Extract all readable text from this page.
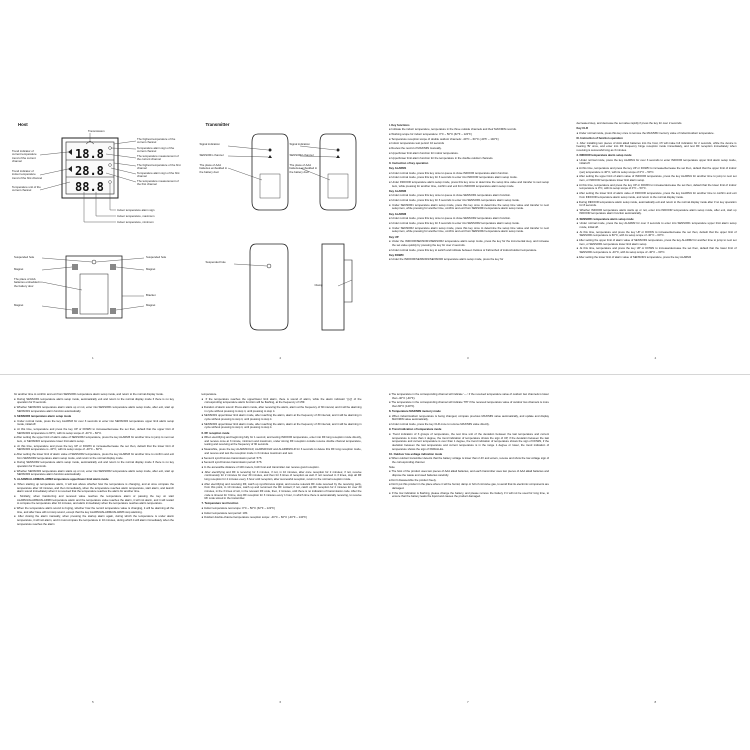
Host
18.8
28.8
88.8
Transmission
Trend indicator of current temperature trend of the current channel
Trend indicator of indoor temperature trend of the first channel
Temperature unit of the current channel
The highest temperature of the current channel
Temperature alarm sign of the current channel
The temperature measurement of the current channel
The highest temperature of the first channel
Temperature alarm sign of the first channel
The temperature measurement of the first channel
Indoor temperature alarm sign
Indoor temperature, maximum
Indoor temperature, minimum
Suspended hole
Magnet
The place of AAA batteries embedded in the battery door
Magnet
Suspended hole
Magnet
Bracket
Magnet
1
Transmitter
Signal indication
SENSOR1 channel
The place of AAA batteries embedded in the battery door
Signal indication
SENSOR2 channel
The place of AAA batteries embedded in the battery door
Suspended hole
Clamp
2

I. Key functions

● Indicate the indoor temperature, temperature in the three outside channels and their MAX/MIN records.

● Working scope for indoor temperature: 0°C ~ 50°C (32°F ~ 122°F)

● Temperature reception scope of double outdoor channels: -40°C ~ 60°C (-40°F ~ 140°F)

● Indoor temperature test period: 10 seconds

● Review the record of MAX/MIN manually.

● Upper/lower limit alarm function for indoor temperature.

● Upper/lower limit alarm function for the temperature in the double outdoor channels.

II. Instruction of key operation

Key ALARM1

● Under normal mode, press this key once to queue to close INDOOR temperature alarm function.

● Under normal mode, press this key for 3 seconds to enter into INDOOR temperature alarm setup mode.

● Under INDOOR temperature alarm setup mode, press this key once to determine the setup time value and transfer to next setup item, while pressing for another time, confirm and exit from INDOOR temperature alarm setup mode.

Key ALARM2

● Under normal mode, press this key once to queue to close SENSOR1 temperature alarm function.

● Under normal mode, press this key for 3 seconds to enter into SENSOR1 temperature alarm setup mode.

● Under SENSOR1 temperature alarm setup mode, press this key once to determine the setup time value and transfer to next setup item, while pressing for another time, confirm and exit from SENSOR1 temperature alarm setup mode.

Key ALARM3

● Under normal mode, press this key once to queue to close SENSOR2 temperature alarm function.

● Under normal mode, press this key for 3 seconds to enter into SENSOR2 temperature alarm setup mode.

● Under SENSOR2 temperature alarm setup mode, press this key once to determine the setup time value and transfer to next setup item, while pressing for another time, confirm and exit from SENSOR2 temperature alarm setup mode.

Key UP

● Under the INDOOR/SENSOR1/SENSOR2 temperature alarm setup mode, press the key for the incremental step, and increase the set value quickly by pressing the key for over 2 seconds.

● Under normal mode, press this key to switch and indicate between Celsius or Fahrenheit of indoor/outdoor temperature.

Key DOWN

● Under the INDOOR/SENSOR1/SENSOR2 temperature alarm setup mode, press the key for

3

decreased step, and decrease the set value rapidly if press the key for over 2 seconds.

Key CLR

● Under normal mode, press this key once to remove the MAX/MIN memory value of indoor/outdoor temperature.

III. Instruction of function operation

1. After installing two pieces of AAA alkali batteries into the host, it'll will make full indication for 2 seconds, while the device is hearing 'Bi' once, and enter into RF frequency hinge reception mode immediately, and test RF reception immediately when receiving is successful long as 3 minutes.

2. INDOOR temperature alarm setup mode

● Under normal mode, press the key ALARM1 for over 3 seconds to enter INDOOR temperature upper limit alarm setup mode, initial:off.

● At this time, temperature and press the key UP or DOWN to increase/decrease the set then, default that the upper limit of indoor (set) temperature is 40°C, with its setup scope of 0°C ~ 50°C.

● After setting the upper limit of alarm value of INDOOR temperature, press the key ALARM1 for another time to jump to next set item, or INDOOR temperature lower limit alarm setup.

● At this time, temperature and press the key UP or DOWN to increase/decrease the set then, default that the lower limit of indoor temperature is 0°C, with its setup scope of 0°C ~ 50°C.

● After setting the lower limit of alarm value of INDOOR temperature, press the key ALARM1 for another time to confirm and exit from INDOOR temperature alarm setup mode, and return to the normal display mode.

● During INDOOR temperature alarm setup mode, automatically exit and return to the normal display mode after if no key operation for 8 seconds.

● Whether INDOOR temperature alarm starts up or not, enter into INDOOR temperature alarm setup mode, after exit, start up INDOOR temperature alarm function automatically.

3. SENSOR1 temperature alarm setup mode

● Under normal mode, press the key ALARM2 for over 3 seconds to enter into SENSOR1 temperature upper limit alarm setup mode, initial:off.

● At this time, temperature and press the key UP or DOWN to increase/decrease the set then, default that the upper limit of SENSOR1 temperature is 60°C, with its setup scope of -40°C ~ 60°C.

● After setting the upper limit of alarm value of SENSOR1 temperature, press the key ALARM2 for another time to jump to next set item, or SENSOR1 temperature lower limit alarm setup.

● At this time, temperature and press the key UP or DOWN to increase/decrease the set then, default that the lower limit of SENSOR1 temperature is -40°C, with its setup scope of -40°C ~ 60°C.

● After setting the lower limit of alarm value of SENSOR1 temperature, press the key ALARM2

4

for another time to confirm and exit from SENSOR1 temperature alarm setup mode, and return to the normal display mode.

● During SENSOR1 temperature alarm setup mode, automatically exit and return to the normal display mode if there is no key operation for 8 seconds.

● Whether SENSOR1 temperature alarm starts up or not, enter into SENSOR1 temperature alarm setup mode, after exit, start up SENSOR1 temperature alarm function automatically.

4. SENSOR2 temperature alarm setup mode

● Under normal mode, press the key ALARM3 for over 3 seconds to enter into SENSOR2 temperature upper limit alarm setup mode, initial:off.

● At this time, temperature and press the key UP or DOWN to increase/decrease the set then, default that the upper limit of SENSOR2 temperature is 60°C, with its setup scope of -40°C ~ 60°C.

● After setting the upper limit of alarm value of SENSOR2 temperature, press the key ALARM3 for another time to jump to next set item, or SENSOR2 temperature lower limit alarm setup.

● At this time, temperature and press the key UP or DOWN to increase/decrease the set then, default that the lower limit of SENSOR2 temperature is -40°C, with its setup scope of -40°C ~ 60°C.

● After setting the lower limit of alarm value of SENSOR2 temperature, press the key ALARM3 for another time to confirm and exit from SENSOR2 temperature alarm setup mode, and return to the normal display mode.

● During SENSOR2 temperature alarm setup mode, automatically exit and return to the normal display mode if there is no key operation for 8 seconds.

● Whether SENSOR2 temperature alarm starts up or not, enter into SENSOR2 temperature alarm setup mode, after exit, start up SENSOR2 temperature alarm function automatically.

5. ALARM1/ALARM2/ALARM3 temperature upper/lower limit alarm mode

● When starting up temperature alarm, it will test above whether how the temperature is changing, and at once compare the temperature after 10 minutes, and then immediately, when the temperature reaches alarm temperature, start alarm, and launch alarm sound immediately when it is received that the temperature reaches the alarm for another time.

● Similarly, when transferring and received value reaches the temperature alarm or passing the key on start ALARM1/ALARM2/ALARM3 temperature alarm and the temperature value reaches the alarm, it will not alarm, and it will restart to compare the temperature after 10 minutes, and alarm immediately when the temperature reaches alarm temperature.

● When the temperature alarm sound is ringing, whether how the record temperature value is changing, it will be alarming all the time, and after have will not stop sound, except that the key ALARM1/ALARM2/ALARM3 stop alarming.

● After closing the alarm manually, when pressing the startup alarm again, during which the temperature is under alarm temperature, it will not alarm, and it must compare the temperature in 10 minutes, during which it will alarm immediately when the temperature reaches the alarm

5

temperature.

● If the temperature reaches the upper/lower limit alarm, there is sound of alarm, while the alarm indicator '((•))' of the corresponding temperature alarm function will be flashing, at the frequency of 1HZ.

● Duration of alarm sound: Press alarm mode, after receiving the alarm, alarm at the frequency of 30 interval, and it will be alarming in cycle without pressing to stop it, until pressing to stop it.

● SENSOR1 upper/lower limit alarm mode, after reaching the alarm, alarm at the frequency of 30 interval, and it will be alarming in cycle without pressing to stop it, until pressing to stop it.

● SENSOR2 upper/lower limit alarm mode, after reaching the alarm, alarm at the frequency of 30 interval, and it will be alarming in cycle without pressing to stop it, until pressing to stop it.

6. RF reception mode

● When electrifying and beginning fully for 1 second, and testing INDOOR temperature, enter into RF long reception mode directly, and receive once at 3 minute, minimum and maximum, under strong RF reception outside receive double channel temperature, testing and receiving at the frequency of 30 seconds.

● Meanwhile, press the key ALARM1/CLR, ALARM2/CLR and ALARM3/CLR for 3 seconds to delete this RF long reception mode, and receive and test the reception mode in 3 minutes maximum and test.

● Sensor1 synchronous transmission period: 57S

● Sensor2 synchronous transmission period: 67S

● In the accessible distance of 100 meters, both host and transmitter can receive good reception.

● After electrifying and RF is receiving for 3 minutes, if not, in 10 minutes, after once reception for 2 minutes; if not, receive continuously for 2 minutes for over 30 minutes, and then for 3 times of reception as well. If not received in 3 times, stop all RF long reception for 4 minutes every 3 hour until reception, after successful reception, return to the normal reception mode.

● After electrifying and receiving RF, catch up synchronous signal, and receive relevant RF code received by the receiving party, from this point, in 10 minutes, catch up and reconnect the RF contact; if not, catch up RF reception for 2 minutes for over 30 minutes, in the 3 times of not, in the relevant RF code, then, 2 minutes, until there is no indication of transmission code. After the code is timeout for 3 time, stop RF reception for 3 minutes every 1 hour, in which time there is automatically receiving, to receive RF code stored in the transmitter.

7. Temperature test function

● Indoor temperature test scope: 0°C ~ 50°C (32°F ~ 122°F)

● Indoor temperature test period: 10S

● Outdoor double-channel temperature reception scope: -40°C ~ 60°C (-40°F ~ 140°F)

6

● The temperature in the corresponding channel will indicate '--.-' if the received temperature value of outdoor two channels is lower than -40°C (-40°F).

● The temperature in the corresponding channel will indicate 'HH' if the received temperature value of outdoor two channels is more than 60°C (140°F).

8. Temperature MAX/MIN memory mode

● When indoor/outdoor temperature is being changed, compare previous MAX/MIN value automatically, and update and display MAX/MIN value automatically.

● Under normal mode, press the key CLR once to remove MAX/MIN value directly.

9. Trend indication of temperature mode

● Trend indication of 3 groups of temperature, the test time unit of the deviation between the last temperature and current temperature is more than 1 degree, the trend indication of temperature shows the sign of UP, if the deviation between the last temperature and current temperature is over than 1 degree, the trend indication of temperature shows the sign of DOWN, if the deviation between the last temperature and current temperature is in the range 1 degree or lower, the trend indication of temperature shows the sign of PARALLEL.

10. Outdoor low-voltage indication mode

● When outdoor transmitter detects that the battery voltage is lower than 2.4V and enters, receive and show the low voltage sign of the corresponding channel.

Note

● The host of the product uses two pieces of AAA alkali batteries, and each transmitter uses two pieces of AAA alkali batteries and dispose the waste and used batteries carefully.

● Don't disassemble the product freely.

● Don't put this product in the place where it will be humid, damp or full of corrosive gas, to avoid that its electronic components are damaged.

● If the low indication is flashing, please change the battery, and please remove the battery if it will not be used for long time, to ensure that the battery leaks the liquid and causes the product damaged.

7	8
